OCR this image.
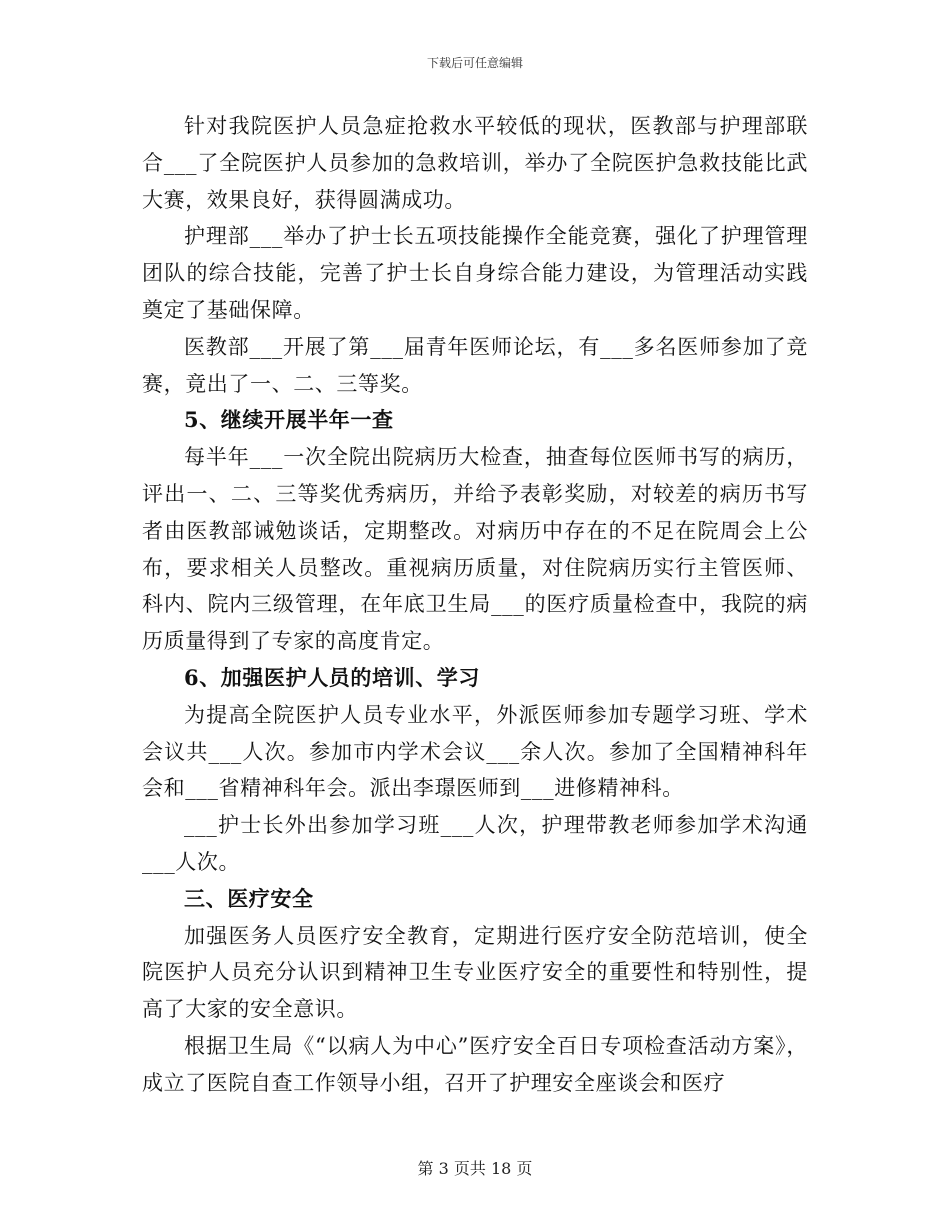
下载后可任意编辑

针对我院医护人员急症抢救水平较低的现状，医教部与护理部联合___了全院医护人员参加的急救培训，举办了全院医护急救技能比武大赛，效果良好，获得圆满成功。

护理部___举办了护士长五项技能操作全能竞赛，强化了护理管理团队的综合技能，完善了护士长自身综合能力建设，为管理活动实践奠定了基础保障。

医教部___开展了第___届青年医师论坛，有___多名医师参加了竞赛，竟出了一、二、三等奖。

5、继续开展半年一查

每半年___一次全院出院病历大检查，抽查每位医师书写的病历，评出一、二、三等奖优秀病历，并给予表彰奖励，对较差的病历书写者由医教部诫勉谈话，定期整改。对病历中存在的不足在院周会上公布，要求相关人员整改。重视病历质量，对住院病历实行主管医师、科内、院内三级管理，在年底卫生局___的医疗质量检查中，我院的病历质量得到了专家的高度肯定。

6、加强医护人员的培训、学习

为提高全院医护人员专业水平，外派医师参加专题学习班、学术会议共___人次。参加市内学术会议___余人次。参加了全国精神科年会和___省精神科年会。派出李璟医师到___进修精神科。

___护士长外出参加学习班___人次，护理带教老师参加学术沟通___人次。

三、医疗安全

加强医务人员医疗安全教育，定期进行医疗安全防范培训，使全院医护人员充分认识到精神卫生专业医疗安全的重要性和特别性，提高了大家的安全意识。

根据卫生局《“以病人为中心”医疗安全百日专项检查活动方案》，成立了医院自查工作领导小组，召开了护理安全座谈会和医疗

第 3 页共 18 页
